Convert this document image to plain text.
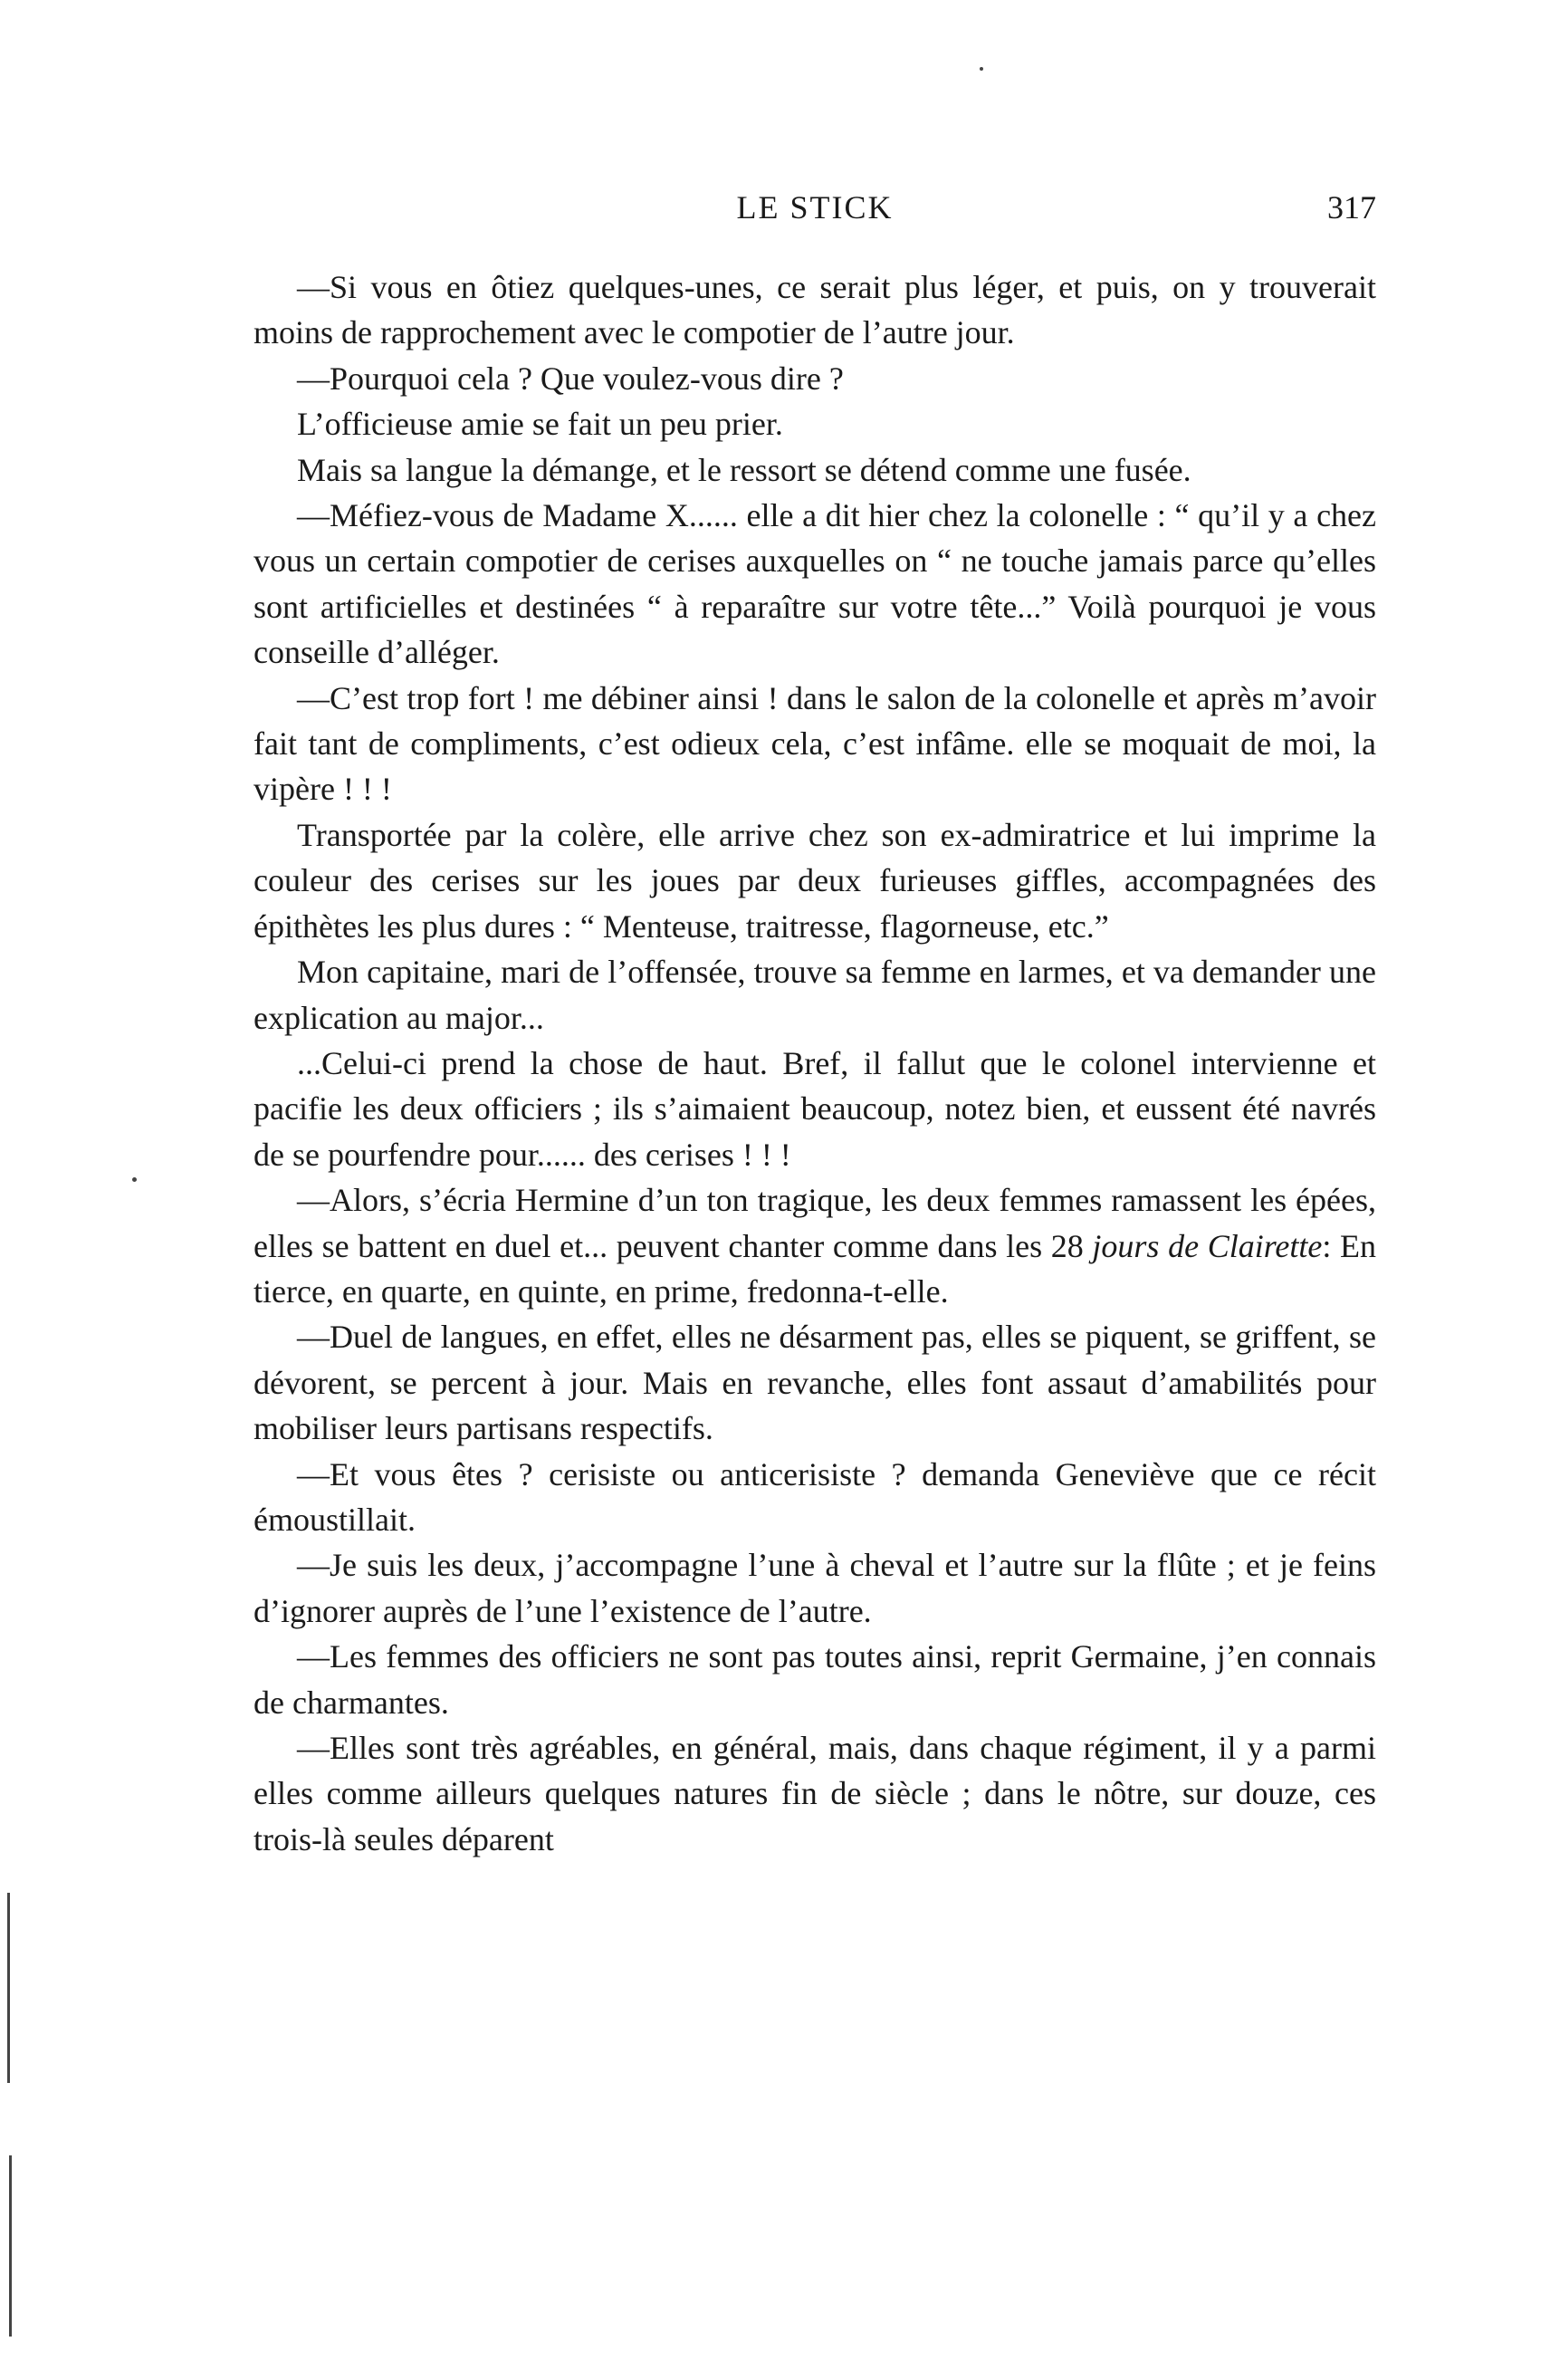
LE STICK	317

—Si vous en ôtiez quelques-unes, ce serait plus léger, et puis, on y trouverait moins de rapprochement avec le compotier de l’autre jour.

—Pourquoi cela ? Que voulez-vous dire ?

L’officieuse amie se fait un peu prier.

Mais sa langue la démange, et le ressort se détend comme une fusée.

—Méfiez-vous de Madame X...... elle a dit hier chez la colonelle : “ qu’il y a chez vous un certain compotier de cerises auxquelles on “ ne touche jamais parce qu’elles sont artificielles et destinées “ à reparaître sur votre tête...” Voilà pourquoi je vous conseille d’alléger.

—C’est trop fort ! me débiner ainsi ! dans le salon de la colonelle et après m’avoir fait tant de compliments, c’est odieux cela, c’est infâme. elle se moquait de moi, la vipère ! ! !

Transportée par la colère, elle arrive chez son ex-admiratrice et lui imprime la couleur des cerises sur les joues par deux furieuses giffles, accompagnées des épithètes les plus dures : “ Menteuse, traitresse, flagorneuse, etc.”

Mon capitaine, mari de l’offensée, trouve sa femme en larmes, et va demander une explication au major...

...Celui-ci prend la chose de haut. Bref, il fallut que le colonel intervienne et pacifie les deux officiers ; ils s’aimaient beaucoup, notez bien, et eussent été navrés de se pourfendre pour...... des cerises ! ! !

—Alors, s’écria Hermine d’un ton tragique, les deux femmes ramassent les épées, elles se battent en duel et... peuvent chanter comme dans les 28 jours de Clairette: En tierce, en quarte, en quinte, en prime, fredonna-t-elle.

—Duel de langues, en effet, elles ne désarment pas, elles se piquent, se griffent, se dévorent, se percent à jour. Mais en revanche, elles font assaut d’amabilités pour mobiliser leurs partisans respectifs.

—Et vous êtes ? cerisiste ou anticerisiste ? demanda Geneviève que ce récit émoustillait.

—Je suis les deux, j’accompagne l’une à cheval et l’autre sur la flûte ; et je feins d’ignorer auprès de l’une l’existence de l’autre.

—Les femmes des officiers ne sont pas toutes ainsi, reprit Germaine, j’en connais de charmantes.

—Elles sont très agréables, en général, mais, dans chaque régiment, il y a parmi elles comme ailleurs quelques natures fin de siècle ; dans le nôtre, sur douze, ces trois-là seules déparent
